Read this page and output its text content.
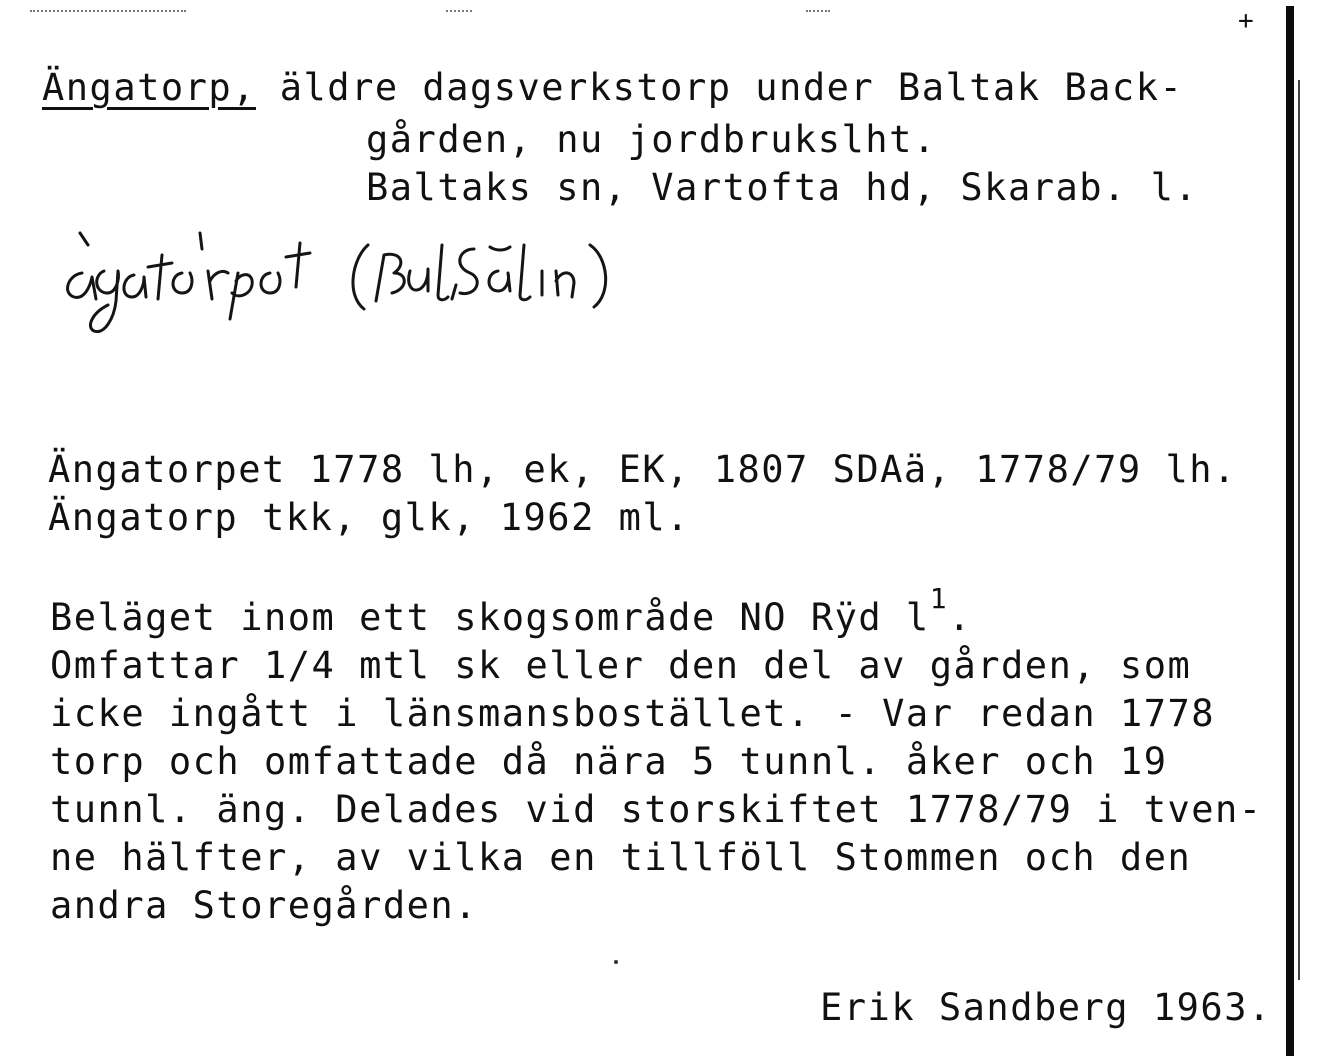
+
Ängatorp, äldre dagsverkstorp under Baltak Back-
gården, nu jordbrukslht.
Baltaks sn, Vartofta hd, Skarab. l.
Ängatorpet 1778 lh, ek, EK, 1807 SDAä, 1778/79 lh.
Ängatorp tkk, glk, 1962 ml.
Beläget inom ett skogsområde NO Rÿd $l^1$.
Omfattar 1/4 mtl sk eller den del av gården, som
icke ingått i länsmansbostället. - Var redan 1778
torp och omfattade då nära 5 tunnl. åker och 19
tunnl. äng. Delades vid storskiftet 1778/79 i tven-
ne hälfter, av vilka en tillföll Stommen och den
andra Storegården.
Erik Sandberg 1963.
